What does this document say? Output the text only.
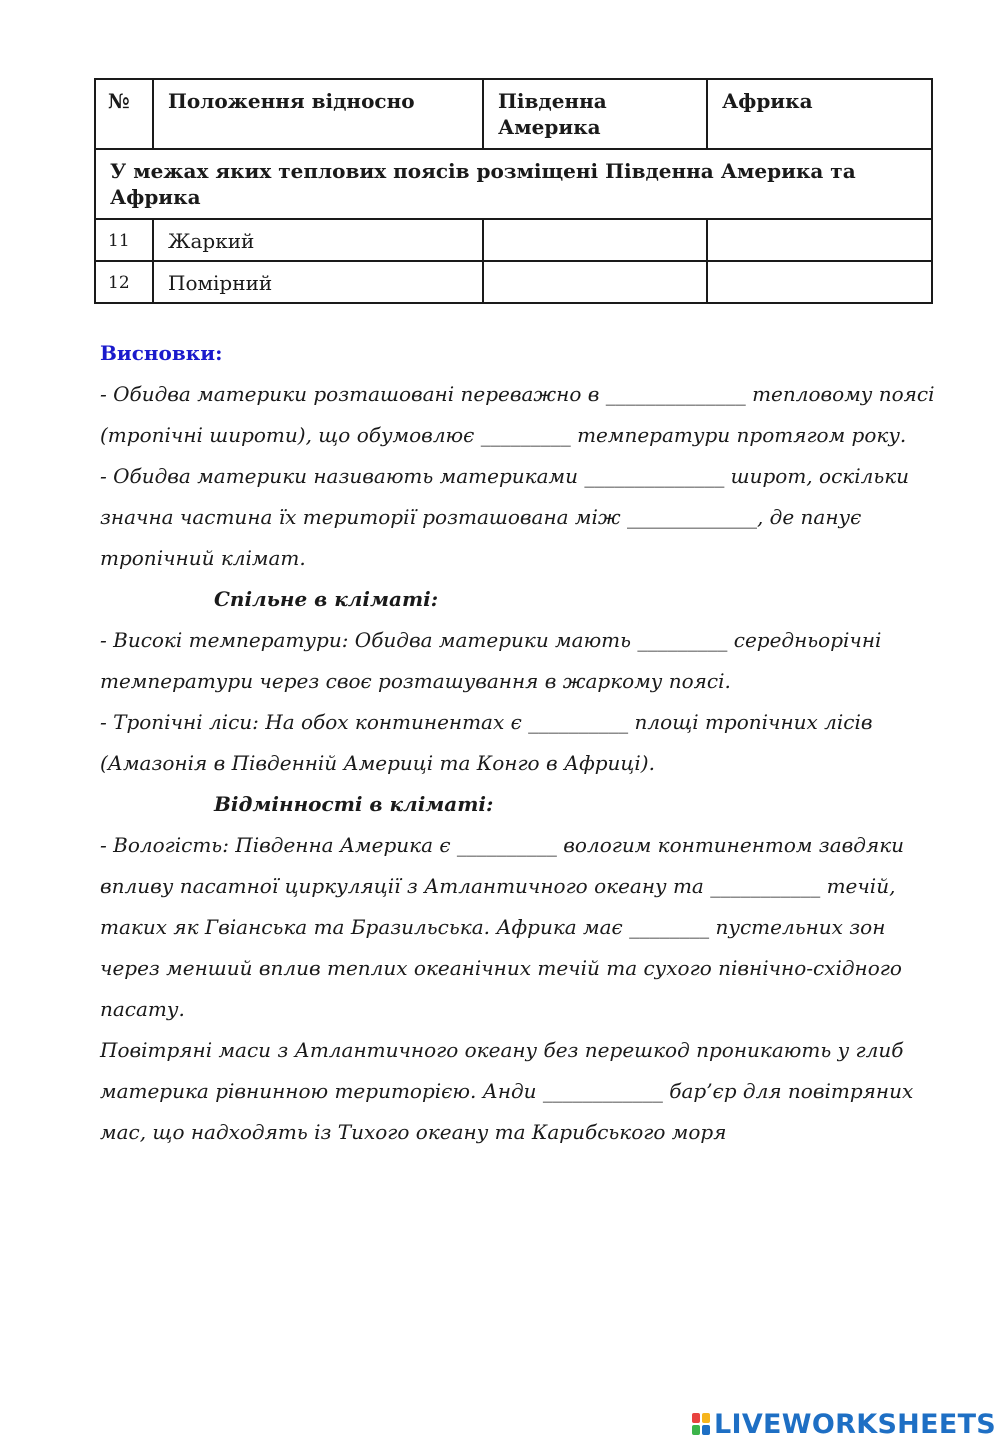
№	Положення відносно	Південна Америка	Африка
У межах яких теплових поясів розміщені Південна Америка та Африка			
11	Жаркий		
12	Помірний		

Висновки:

- Обидва материки розташовані переважно в ______________ тепловому поясі (тропічні широти), що обумовлює _________ температури протягом року.

- Обидва материки називають материками ______________ широт, оскільки значна частина їх території розташована між _____________, де панує тропічний клімат.

Спільне в кліматі:

- Високі температури: Обидва материки мають _________ середньорічні температури через своє розташування в жаркому поясі.

- Тропічні ліси: На обох континентах є __________ площі тропічних лісів (Амазонія в Південній Америці та Конго в Африці).

Відмінності в кліматі:

- Вологість: Південна Америка є __________ вологим континентом завдяки впливу пасатної циркуляції з Атлантичного океану та ___________ течій, таких як Гвіанська та Бразильська. Африка має ________ пустельних зон через менший вплив теплих океанічних течій та сухого північно-східного пасату.

Повітряні маси з Атлантичного океану без перешкод проникають у глиб материка рівнинною територією. Анди ____________ бар’єр для повітряних мас, що надходять із Тихого океану та Карибського моря

LIVEWORKSHEETS
